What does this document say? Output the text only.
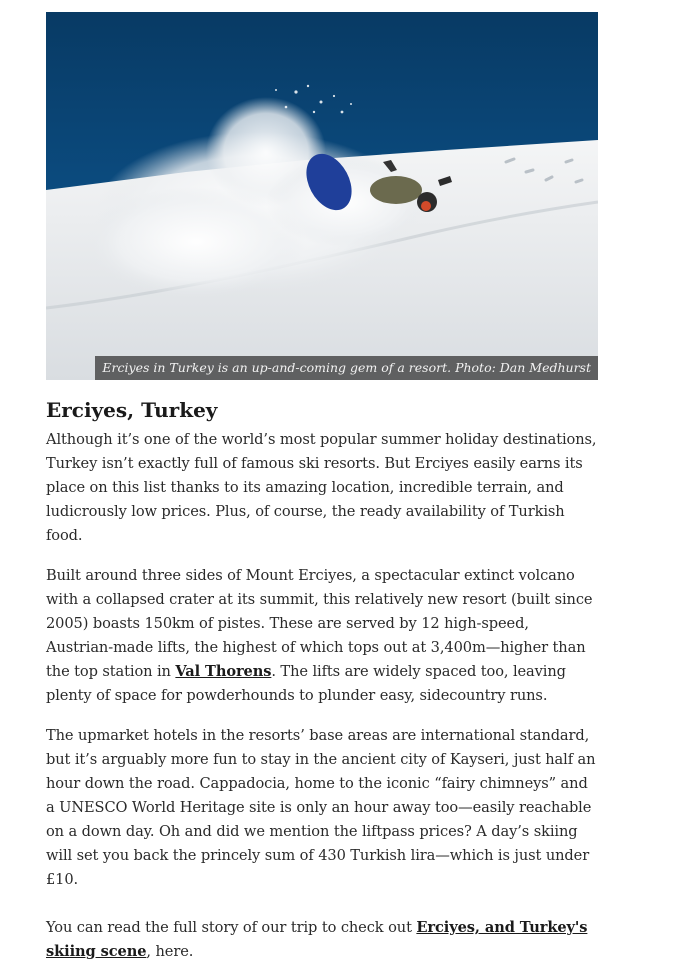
Erciyes in Turkey is an up-and-coming gem of a resort. Photo: Dan Medhurst
Erciyes, Turkey

Although it’s one of the world’s most popular summer holiday destinations, Turkey isn’t exactly full of famous ski resorts. But Erciyes easily earns its place on this list thanks to its amazing location, incredible terrain, and ludicrously low prices. Plus, of course, the ready availability of Turkish food.

Built around three sides of Mount Erciyes, a spectacular extinct volcano with a collapsed crater at its summit, this relatively new resort (built since 2005) boasts 150km of pistes. These are served by 12 high-speed, Austrian-made lifts, the highest of which tops out at 3,400m—higher than the top station in Val Thorens. The lifts are widely spaced too, leaving plenty of space for powderhounds to plunder easy, sidecountry runs.

The upmarket hotels in the resorts’ base areas are international standard, but it’s arguably more fun to stay in the ancient city of Kayseri, just half an hour down the road. Cappadocia, home to the iconic “fairy chimneys” and a UNESCO World Heritage site is only an hour away too—easily reachable on a down day. Oh and did we mention the liftpass prices? A day’s skiing will set you back the princely sum of 430 Turkish lira—which is just under £10.

You can read the full story of our trip to check out Erciyes, and Turkey's skiing scene, here.
